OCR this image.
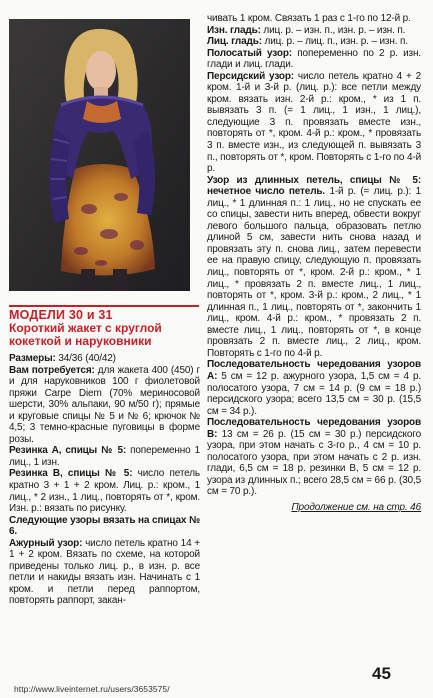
МОДЕЛИ 30 и 31
Короткий жакет с круглой кокеткой и наруковники

Размеры: 34/36 (40/42)

Вам потребуется: для жакета 400 (450) г и для наруковников 100 г фиолетовой пряжи Carpe Diem (70% мериносовой шерсти, 30% альпаки, 90 м/50 г); прямые и круговые спицы № 5 и № 6; крючок № 4,5; 3 темно-красные пуговицы в форме розы.

Резинка А, спицы № 5: попеременно 1 лиц., 1 изн.

Резинка В, спицы № 5: число петель кратно 3 + 1 + 2 кром. Лиц. р.: кром., 1 лиц., * 2 изн., 1 лиц., повторять от *, кром. Изн. р.: вязать по рисунку.

Следующие узоры вязать на спицах № 6.

Ажурный узор: число петель кратно 14 + 1 + 2 кром. Вязать по схеме, на которой приведены только лиц. р., в изн. р. все петли и накиды вязать изн. Начинать с 1 кром. и петли перед раппортом, повторять раппорт, закан-

чивать 1 кром. Связать 1 раз с 1-го по 12-й р.

Изн. гладь: лиц. р. – изн. п., изн. р. – изн. п.

Лиц. гладь: лиц. р. – лиц. п., изн. р. – изн. п.

Полосатый узор: попеременно по 2 р. изн. глади и лиц. глади.

Персидский узор: число петель кратно 4 + 2 кром. 1-й и 3-й р. (лиц. р.): все петли между кром. вязать изн. 2-й р.: кром., * из 1 п. вывязать 3 п. (= 1 лиц., 1 изн., 1 лиц.), следующие 3 п. провязать вместе изн., повторять от *, кром. 4-й р.: кром., * провязать 3 п. вместе изн., из следующей п. вывязать 3 п., повторять от *, кром. Повторять с 1-го по 4-й р.

Узор из длинных петель, спицы № 5: нечетное число петель. 1-й р. (= лиц. р.): 1 лиц., * 1 длинная п.: 1 лиц., но не спускать ее со спицы, завести нить вперед, обвести вокруг левого большого пальца, образовать петлю длиной 5 см, завести нить снова назад и провязать эту п. снова лиц., затем перевести ее на правую спицу, следующую п. провязать лиц., повторять от *, кром. 2-й р.: кром., * 1 лиц., * провязать 2 п. вместе лиц., 1 лиц., повторять от *, кром. 3-й р.: кром., 2 лиц., * 1 длинная п., 1 лиц., повторять от *, закончить 1 лиц., кром. 4-й р.: кром., * провязать 2 п. вместе лиц., 1 лиц., повторять от *, в конце провязать 2 п. вместе лиц., 2 лиц., кром. Повторять с 1-го по 4-й р.

Последовательность чередования узоров А: 5 см = 12 р. ажурного узора, 1,5 см = 4 р. полосатого узора, 7 см = 14 р. (9 см = 18 р.) персидского узора; всего 13,5 см = 30 р. (15,5 см = 34 р.).

Последовательность чередования узоров В: 13 см = 26 р. (15 см = 30 р.) персидского узора, при этом начать с 3-го р., 4 см = 10 р. полосатого узора, при этом начать с 2 р. изн. глади, 6,5 см = 18 р. резинки В, 5 см = 12 р. узора из длинных п.; всего 28,5 см = 66 р. (30,5 см = 70 р.).

Продолжение см. на стр. 46

45
http://www.liveinternet.ru/users/3653575/
